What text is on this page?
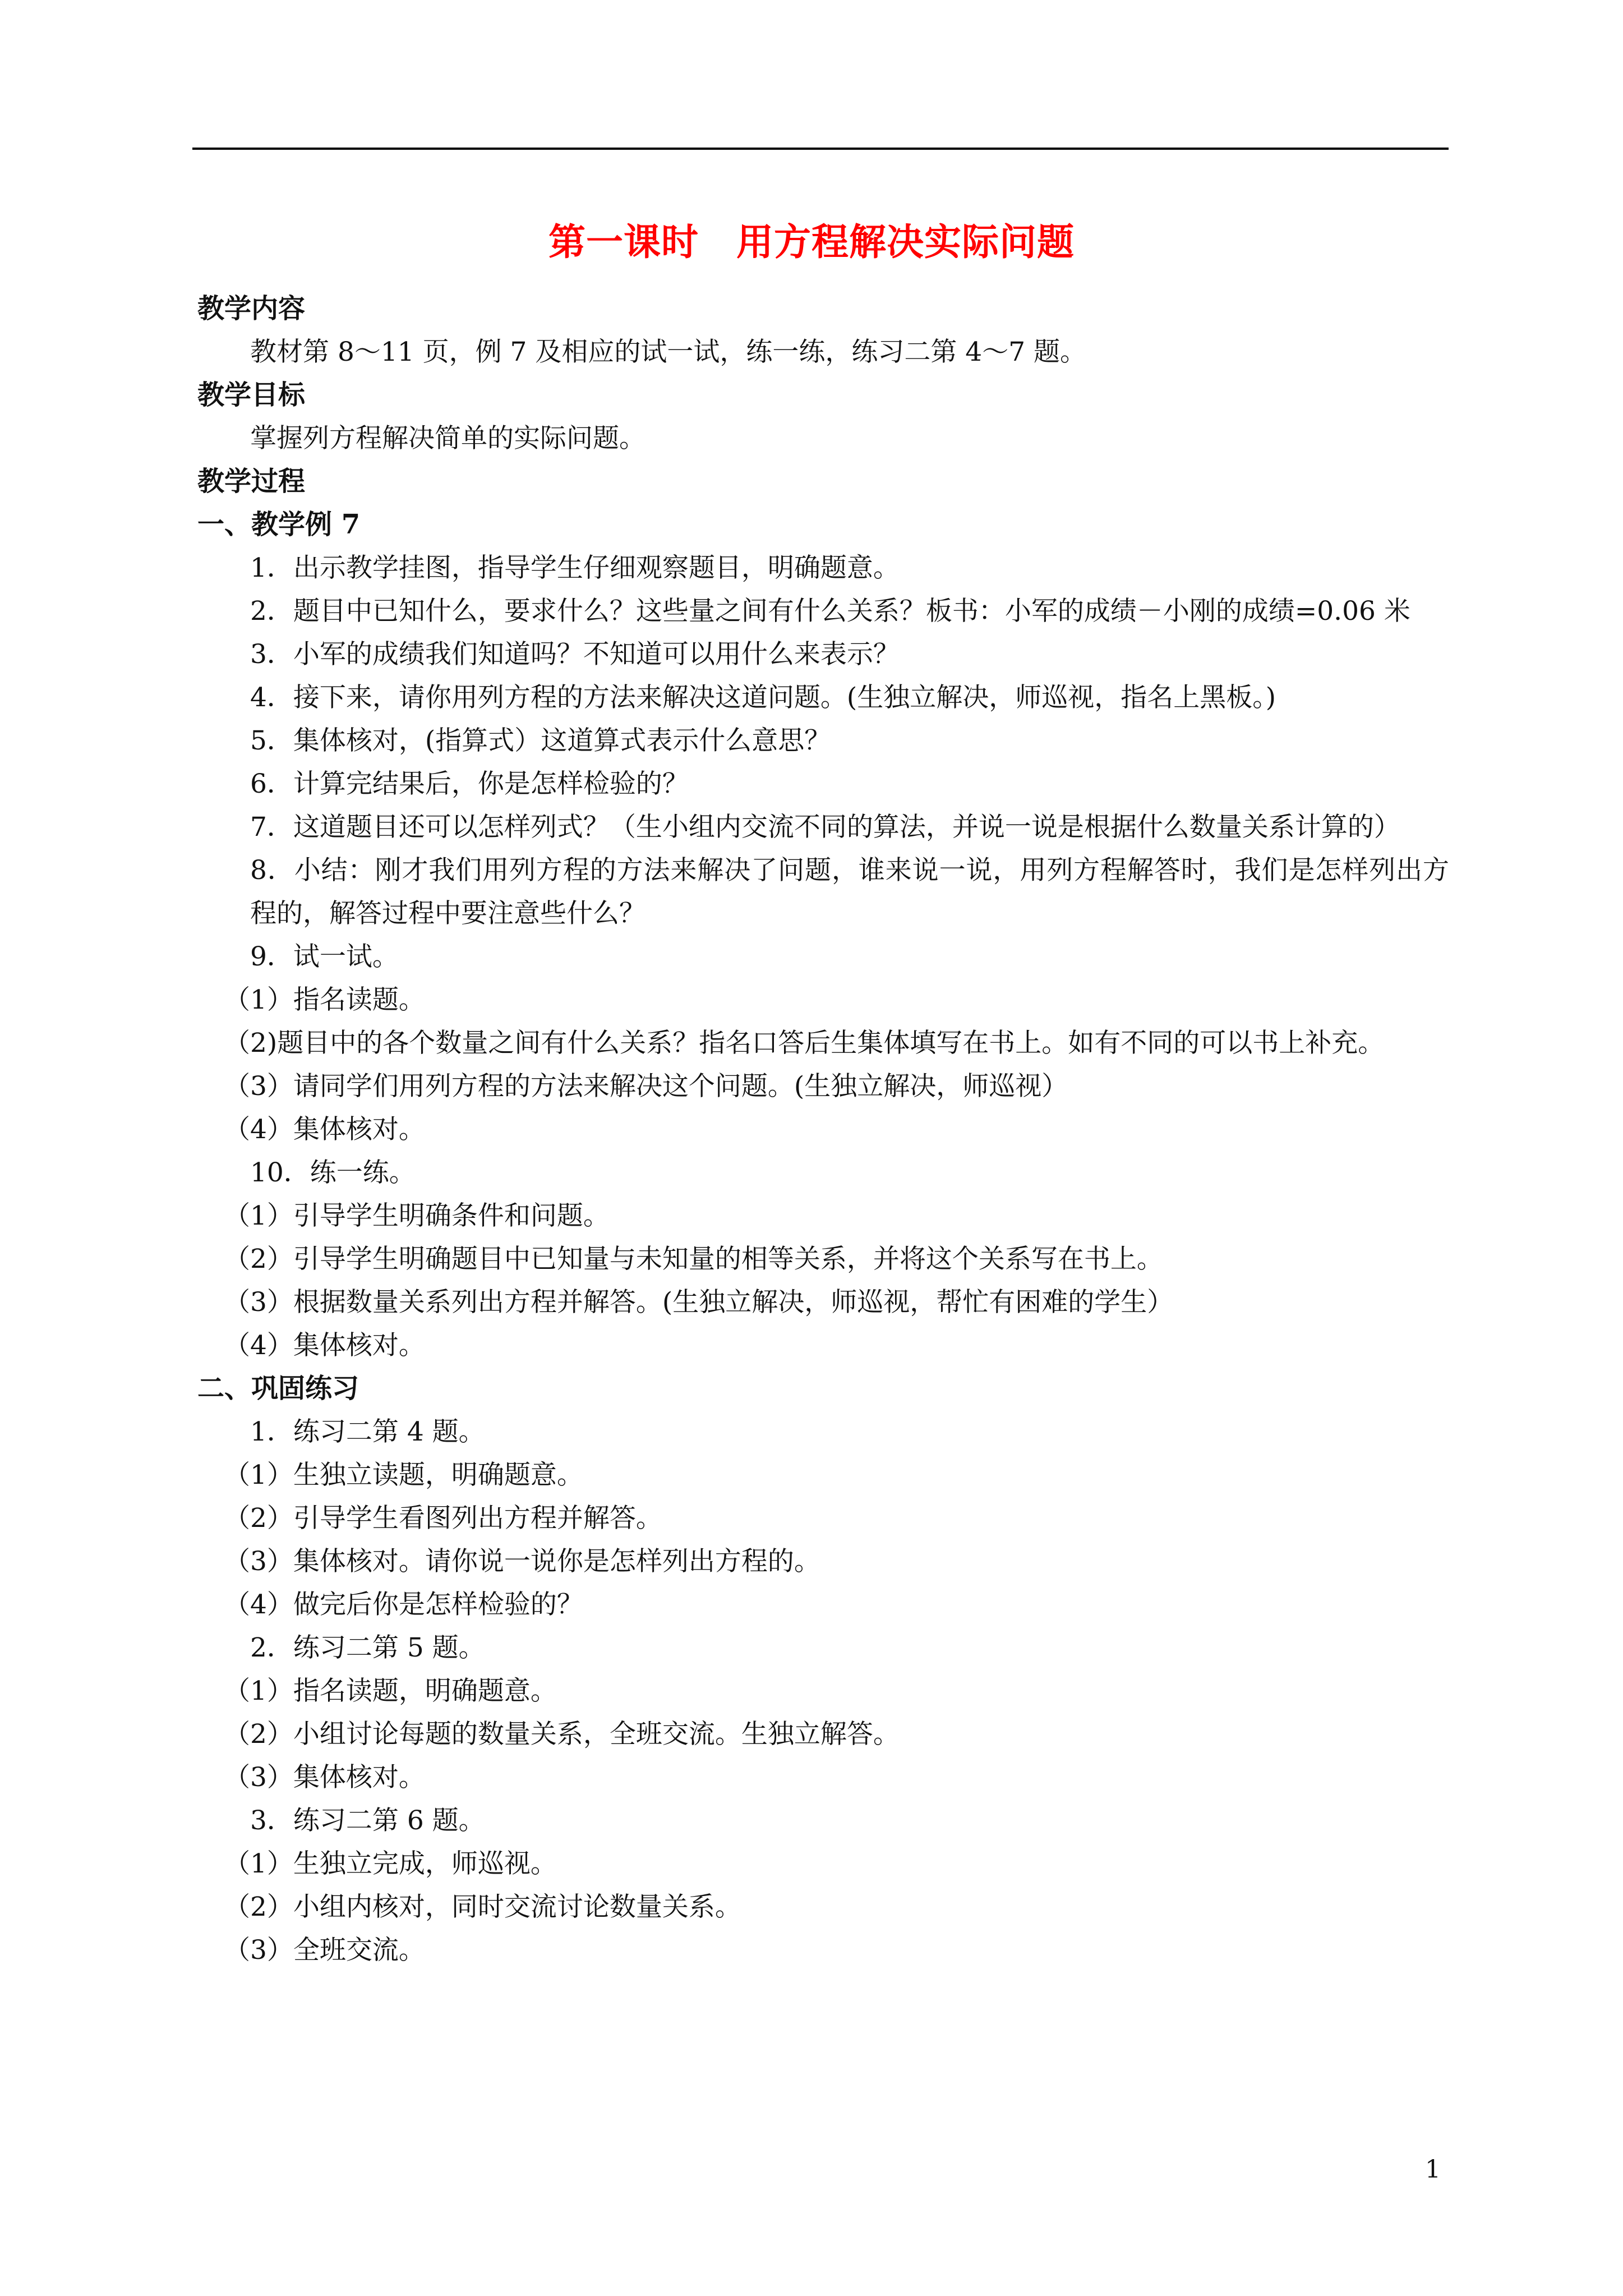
第一课时　用方程解决实际问题

教学内容

教材第 8～11 页，例 7 及相应的试一试，练一练，练习二第 4～7 题。

教学目标

掌握列方程解决简单的实际问题。

教学过程

一、教学例 7

1．出示教学挂图，指导学生仔细观察题目，明确题意。

2．题目中已知什么，要求什么？这些量之间有什么关系？板书：小军的成绩－小刚的成绩=0.06 米

3．小军的成绩我们知道吗？不知道可以用什么来表示？

4．接下来，请你用列方程的方法来解决这道问题。(生独立解决，师巡视，指名上黑板。)

5．集体核对，(指算式）这道算式表示什么意思？

6．计算完结果后，你是怎样检验的？

7．这道题目还可以怎样列式？（生小组内交流不同的算法，并说一说是根据什么数量关系计算的）

8．小结：刚才我们用列方程的方法来解决了问题，谁来说一说，用列方程解答时，我们是怎样列出方程的，解答过程中要注意些什么？

9．试一试。

（1）指名读题。

（2)题目中的各个数量之间有什么关系？指名口答后生集体填写在书上。如有不同的可以书上补充。

（3）请同学们用列方程的方法来解决这个问题。(生独立解决，师巡视）

（4）集体核对。

10．练一练。

（1）引导学生明确条件和问题。

（2）引导学生明确题目中已知量与未知量的相等关系，并将这个关系写在书上。

（3）根据数量关系列出方程并解答。(生独立解决，师巡视，帮忙有困难的学生）

（4）集体核对。

二、巩固练习

1．练习二第 4 题。

（1）生独立读题，明确题意。

（2）引导学生看图列出方程并解答。

（3）集体核对。请你说一说你是怎样列出方程的。

（4）做完后你是怎样检验的？

2．练习二第 5 题。

（1）指名读题，明确题意。

（2）小组讨论每题的数量关系，全班交流。生独立解答。

（3）集体核对。

3．练习二第 6 题。

（1）生独立完成，师巡视。

（2）小组内核对，同时交流讨论数量关系。

（3）全班交流。

1
